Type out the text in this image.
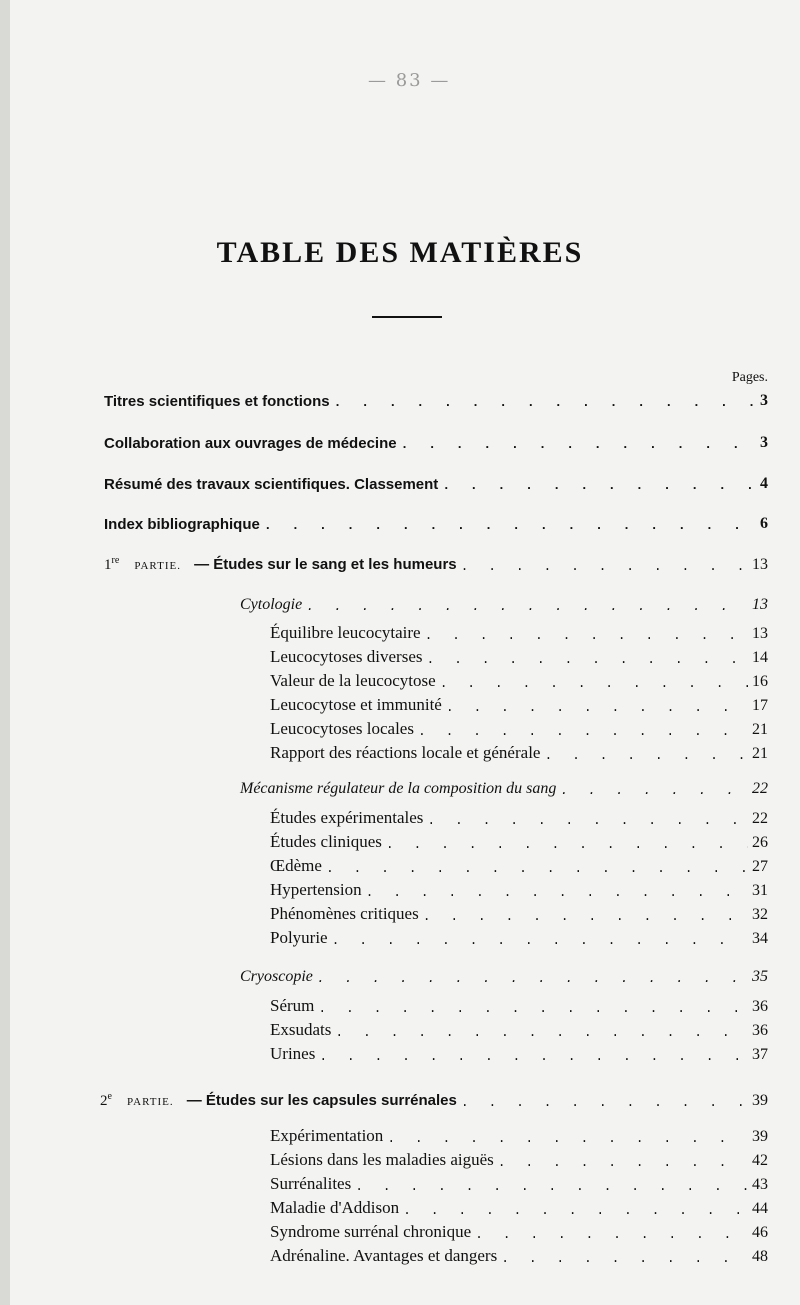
— 83 —
TABLE DES MATIÈRES
Pages.
Titres scientifiques et fonctions . . .	3
Collaboration aux ouvrages de médecine . . .	3
Résumé des travaux scientifiques. Classement . . .	4
Index bibliographique . . .	6
1re PARTIE. — Études sur le sang et les humeurs . . .	13
Cytologie . . .	13
Équilibre leucocytaire . . .	13
Leucocytoses diverses . . .	14
Valeur de la leucocytose . . .	16
Leucocytose et immunité . . .	17
Leucocytoses locales . . .	21
Rapport des réactions locale et générale . . .	21
Mécanisme régulateur de la composition du sang . . .	22
Études expérimentales . . .	22
Études cliniques . . .	26
Œdème . . .	27
Hypertension . . .	31
Phénomènes critiques . . .	32
Polyurie . . .	34
Cryoscopie . . .	35
Sérum . . .	36
Exsudats . . .	36
Urines . . .	37
2e PARTIE. — Études sur les capsules surrénales . . .	39
Expérimentation . . .	39
Lésions dans les maladies aiguës . . .	42
Surrénalites . . .	43
Maladie d'Addison . . .	44
Syndrome surrénal chronique . . .	46
Adrénaline. Avantages et dangers . . .	48
